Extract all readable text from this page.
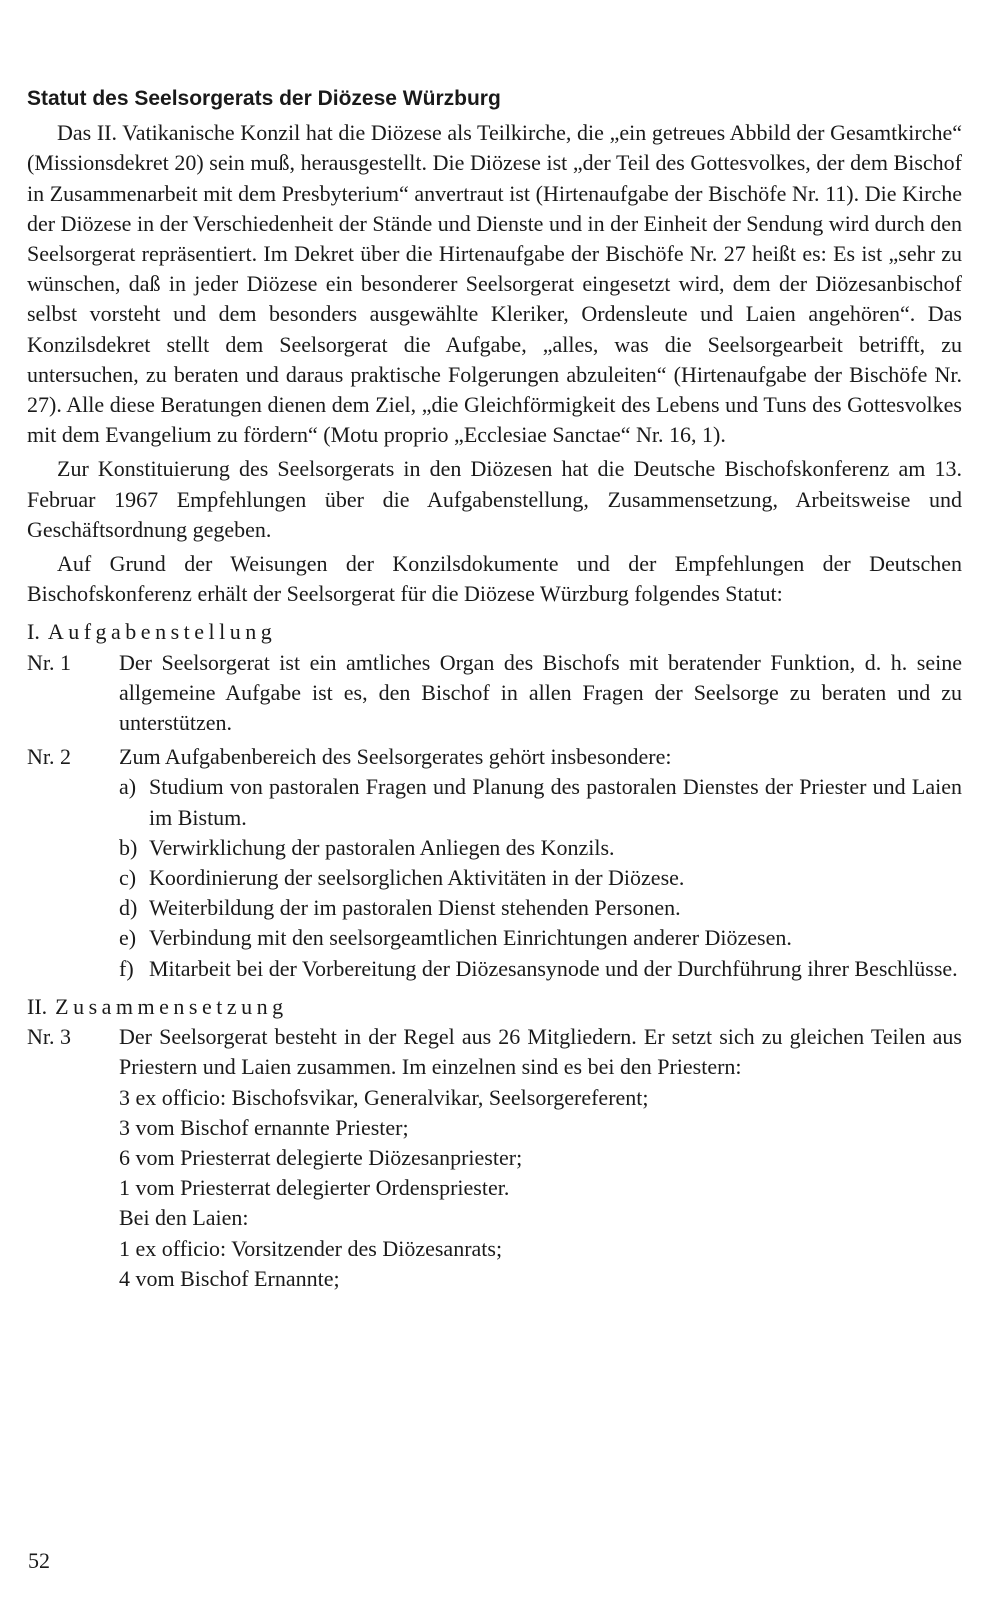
Statut des Seelsorgerats der Diözese Würzburg

Das II. Vatikanische Konzil hat die Diözese als Teilkirche, die „ein getreues Abbild der Gesamtkirche“ (Missionsdekret 20) sein muß, herausgestellt. Die Diözese ist „der Teil des Gottesvolkes, der dem Bischof in Zusammenarbeit mit dem Presbyterium“ anvertraut ist (Hirtenaufgabe der Bischöfe Nr. 11). Die Kirche der Diözese in der Verschiedenheit der Stände und Dienste und in der Einheit der Sendung wird durch den Seelsorgerat repräsentiert. Im Dekret über die Hirtenaufgabe der Bischöfe Nr. 27 heißt es: Es ist „sehr zu wünschen, daß in jeder Diözese ein besonderer Seelsorgerat eingesetzt wird, dem der Diözesanbischof selbst vorsteht und dem besonders ausgewählte Kleriker, Ordensleute und Laien angehören“. Das Konzilsdekret stellt dem Seelsorgerat die Aufgabe, „alles, was die Seelsorgearbeit betrifft, zu untersuchen, zu beraten und daraus praktische Folgerungen abzuleiten“ (Hirtenaufgabe der Bischöfe Nr. 27). Alle diese Beratungen dienen dem Ziel, „die Gleichförmigkeit des Lebens und Tuns des Gottesvolkes mit dem Evangelium zu fördern“ (Motu proprio „Ecclesiae Sanctae“ Nr. 16, 1).

Zur Konstituierung des Seelsorgerats in den Diözesen hat die Deutsche Bischofskonferenz am 13. Februar 1967 Empfehlungen über die Aufgabenstellung, Zusammensetzung, Arbeitsweise und Geschäftsordnung gegeben.

Auf Grund der Weisungen der Konzilsdokumente und der Empfehlungen der Deutschen Bischofskonferenz erhält der Seelsorgerat für die Diözese Würzburg folgendes Statut:

I. Aufgabenstellung
Nr. 1	Der Seelsorgerat ist ein amtliches Organ des Bischofs mit beratender Funktion, d. h. seine allgemeine Aufgabe ist es, den Bischof in allen Fragen der Seelsorge zu beraten und zu unterstützen.
Nr. 2	Zum Aufgabenbereich des Seelsorgerates gehört insbesondere:
a) Studium von pastoralen Fragen und Planung des pastoralen Dienstes der Priester und Laien im Bistum.
b) Verwirklichung der pastoralen Anliegen des Konzils.
c) Koordinierung der seelsorglichen Aktivitäten in der Diözese.
d) Weiterbildung der im pastoralen Dienst stehenden Personen.
e) Verbindung mit den seelsorgeamtlichen Einrichtungen anderer Diözesen.
f) Mitarbeit bei der Vorbereitung der Diözesansynode und der Durchführung ihrer Beschlüsse.
II. Zusammensetzung
Nr. 3	Der Seelsorgerat besteht in der Regel aus 26 Mitgliedern. Er setzt sich zu gleichen Teilen aus Priestern und Laien zusammen. Im einzelnen sind es bei den Priestern:
3 ex officio: Bischofsvikar, Generalvikar, Seelsorgereferent;
3 vom Bischof ernannte Priester;
6 vom Priesterrat delegierte Diözesanpriester;
1 vom Priesterrat delegierter Ordenspriester.
Bei den Laien:
1 ex officio: Vorsitzender des Diözesanrats;
4 vom Bischof Ernannte;
52
